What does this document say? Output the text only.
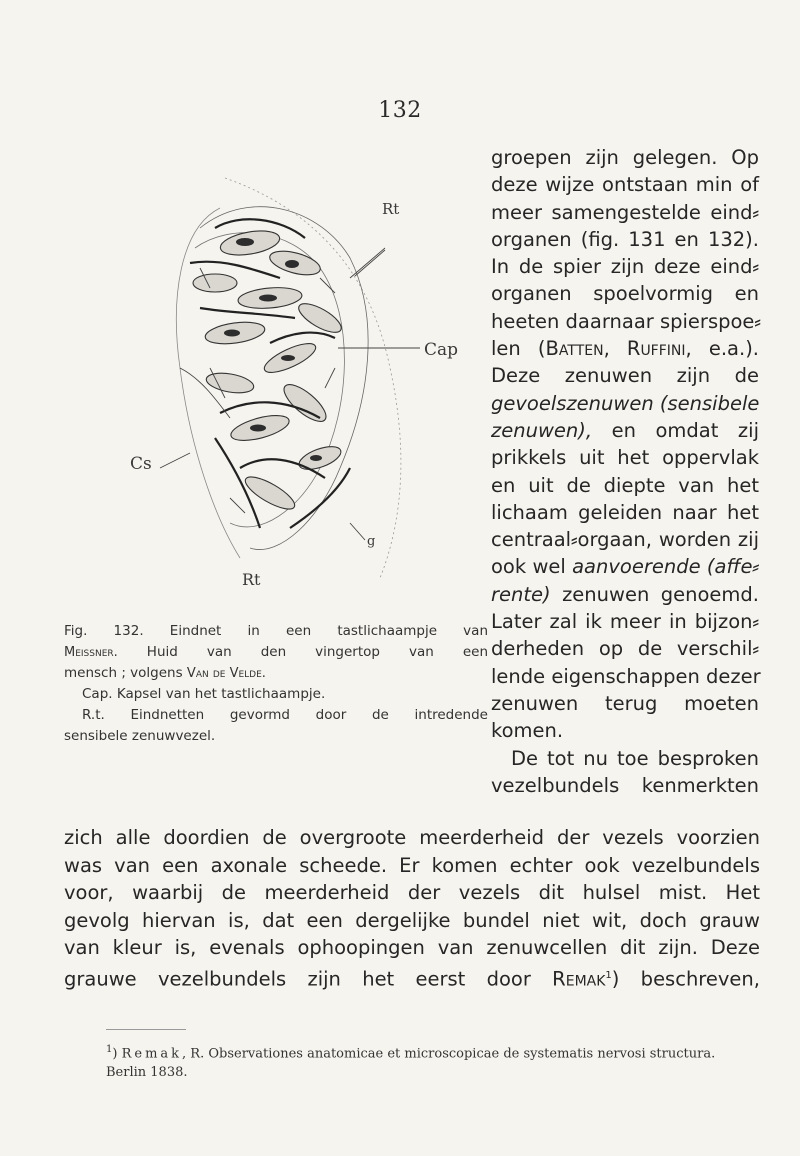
132
Rt
Cap
Cs
g
Rt

Fig. 132. Eindnet in een tastlichaampje van

Meissner. Huid van den vingertop van een

mensch ; volgens Van de Velde.

Cap. Kapsel van het tastlichaampje.

R.t. Eindnetten gevormd door de intredende

sensibele zenuwvezel.

groepen zijn gelegen. Op
deze wijze ontstaan min of
meer samengestelde eind⸗
organen (fig. 131 en 132).
In de spier zijn deze eind⸗
organen spoelvormig en
heeten daarnaar spierspoe⸗
len (Batten, Ruffini, e.a.).
Deze zenuwen zijn de
gevoelszenuwen (sensibele
zenuwen), en omdat zij
prikkels uit het oppervlak
en uit de diepte van het
lichaam geleiden naar het
centraal⸗orgaan, worden zij
ook wel aanvoerende (affe⸗
rente) zenuwen genoemd.
Later zal ik meer in bijzon⸗
derheden op de verschil⸗
lende eigenschappen dezer
zenuwen terug moeten
komen.
De tot nu toe besproken
vezelbundels kenmerkten
zich alle doordien de overgroote meerderheid der vezels voorzien
was van een axonale scheede. Er komen echter ook vezelbundels
voor, waarbij de meerderheid der vezels dit hulsel mist. Het
gevolg hiervan is, dat een dergelijke bundel niet wit, doch grauw
van kleur is, evenals ophoopingen van zenuwcellen dit zijn. Deze
grauwe vezelbundels zijn het eerst door Remak$^1$) beschreven,
$^1$) Remak, R. Observationes anatomicae et microscopicae de systematis nervosi structura.
Berlin 1838.
